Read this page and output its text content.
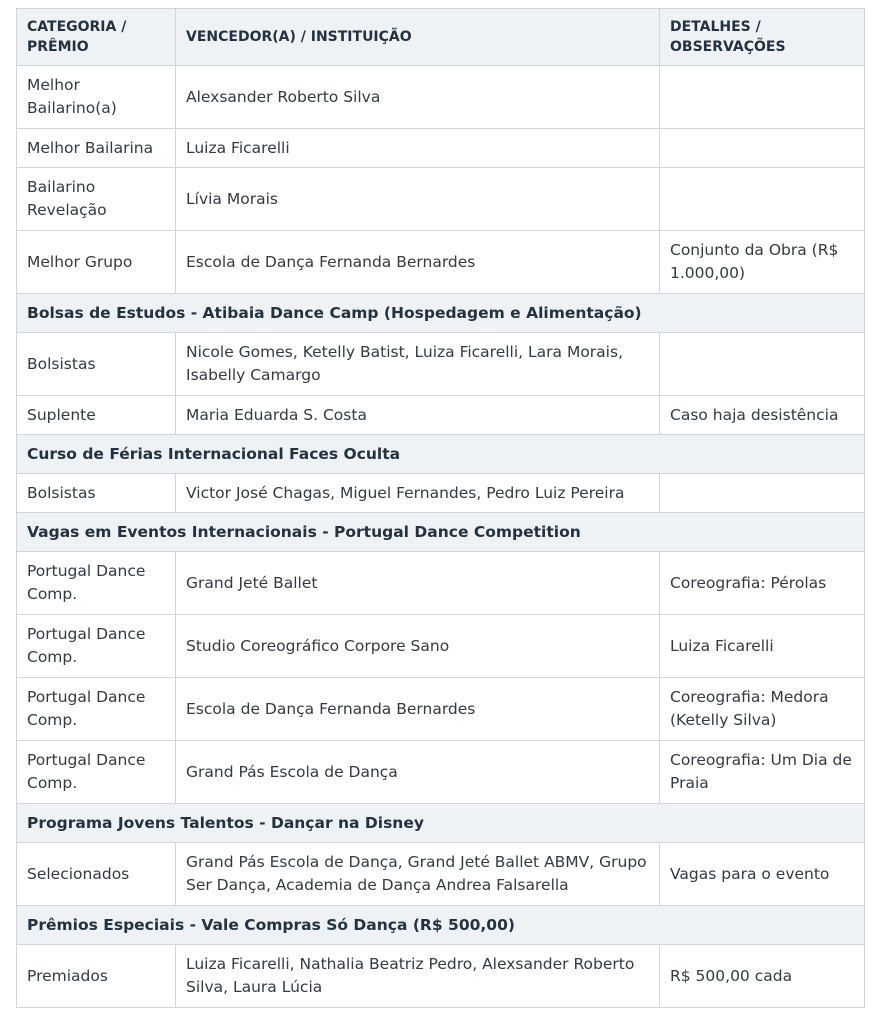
CATEGORIA / PRÊMIO	VENCEDOR(A) / INSTITUIÇÃO	DETALHES / OBSERVAÇÕES
Melhor Bailarino(a)	Alexsander Roberto Silva	
Melhor Bailarina	Luiza Ficarelli	
Bailarino Revelação	Lívia Morais	
Melhor Grupo	Escola de Dança Fernanda Bernardes	Conjunto da Obra (R$ 1.000,00)
Bolsas de Estudos - Atibaia Dance Camp (Hospedagem e Alimentação)		
Bolsistas	Nicole Gomes, Ketelly Batist, Luiza Ficarelli, Lara Morais, Isabelly Camargo	
Suplente	Maria Eduarda S. Costa	Caso haja desistência
Curso de Férias Internacional Faces Oculta		
Bolsistas	Victor José Chagas, Miguel Fernandes, Pedro Luiz Pereira	
Vagas em Eventos Internacionais - Portugal Dance Competition		
Portugal Dance Comp.	Grand Jeté Ballet	Coreografia: Pérolas
Portugal Dance Comp.	Studio Coreográfico Corpore Sano	Luiza Ficarelli
Portugal Dance Comp.	Escola de Dança Fernanda Bernardes	Coreografia: Medora (Ketelly Silva)
Portugal Dance Comp.	Grand Pás Escola de Dança	Coreografia: Um Dia de Praia
Programa Jovens Talentos - Dançar na Disney		
Selecionados	Grand Pás Escola de Dança, Grand Jeté Ballet ABMV, Grupo Ser Dança, Academia de Dança Andrea Falsarella	Vagas para o evento
Prêmios Especiais - Vale Compras Só Dança (R$ 500,00)		
Premiados	Luiza Ficarelli, Nathalia Beatriz Pedro, Alexsander Roberto Silva, Laura Lúcia	R$ 500,00 cada
